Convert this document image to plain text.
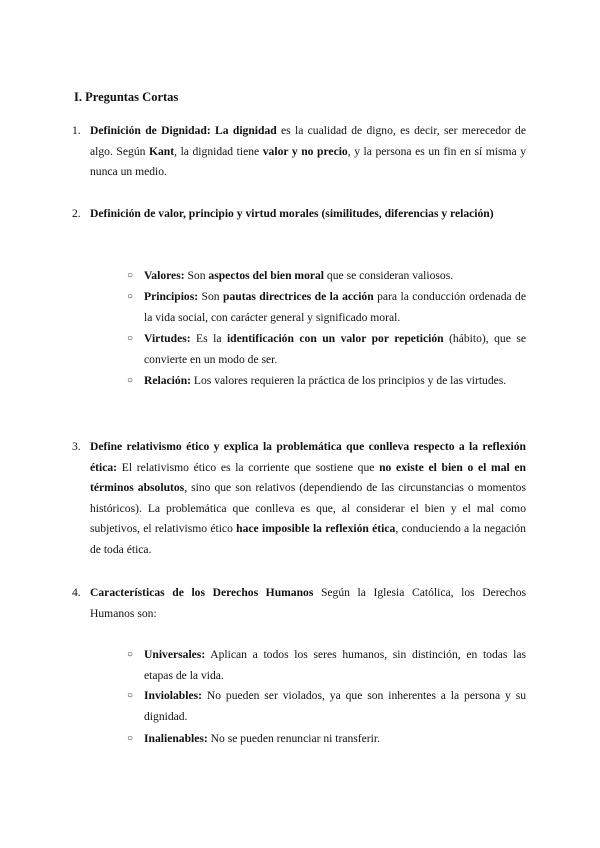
I. Preguntas Cortas
1. Definición de Dignidad: La dignidad es la cualidad de digno, es decir, ser merecedor de algo. Según Kant, la dignidad tiene valor y no precio, y la persona es un fin en sí misma y nunca un medio.
2. Definición de valor, principio y virtud morales (similitudes, diferencias y relación)
○ Valores: Son aspectos del bien moral que se consideran valiosos.
○ Principios: Son pautas directrices de la acción para la conducción ordenada de la vida social, con carácter general y significado moral.
○ Virtudes: Es la identificación con un valor por repetición (hábito), que se convierte en un modo de ser.
○ Relación: Los valores requieren la práctica de los principios y de las virtudes.
3. Define relativismo ético y explica la problemática que conlleva respecto a la reflexión ética: El relativismo ético es la corriente que sostiene que no existe el bien o el mal en términos absolutos, sino que son relativos (dependiendo de las circunstancias o momentos históricos). La problemática que conlleva es que, al considerar el bien y el mal como subjetivos, el relativismo ético hace imposible la reflexión ética, conduciendo a la negación de toda ética.
4. Características de los Derechos Humanos Según la Iglesia Católica, los Derechos Humanos son:
○ Universales: Aplican a todos los seres humanos, sin distinción, en todas las etapas de la vida.
○ Inviolables: No pueden ser violados, ya que son inherentes a la persona y su dignidad.
○ Inalienables: No se pueden renunciar ni transferir.
